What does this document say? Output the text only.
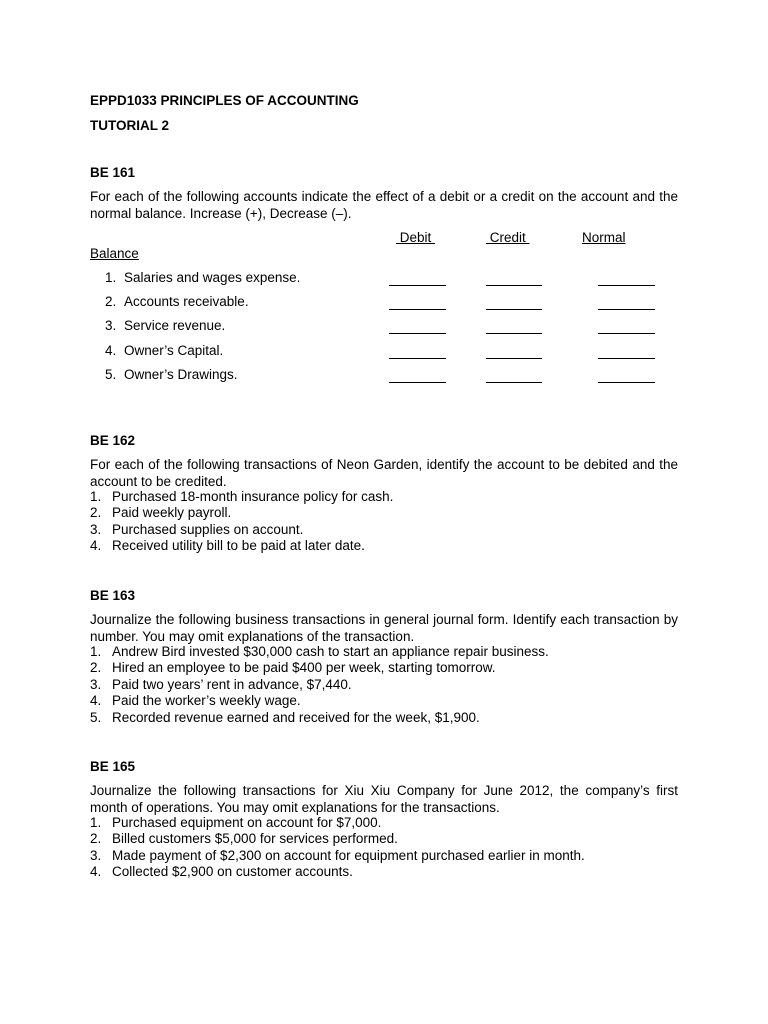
EPPD1033 PRINCIPLES OF ACCOUNTING
TUTORIAL 2
BE 161

For each of the following accounts indicate the effect of a debit or a credit on the account and the normal balance. Increase (+), Decrease (–).

Debit	Credit	Normal
Balance
1. Salaries and wages expense.
2. Accounts receivable.
3. Service revenue.
4. Owner’s Capital.
5. Owner’s Drawings.
BE 162

For each of the following transactions of Neon Garden, identify the account to be debited and the account to be credited.

1. Purchased 18-month insurance policy for cash.
2. Paid weekly payroll.
3. Purchased supplies on account.
4. Received utility bill to be paid at later date.
BE 163

Journalize the following business transactions in general journal form. Identify each transaction by number. You may omit explanations of the transaction.

1. Andrew Bird invested $30,000 cash to start an appliance repair business.
2. Hired an employee to be paid $400 per week, starting tomorrow.
3. Paid two years’ rent in advance, $7,440.
4. Paid the worker’s weekly wage.
5. Recorded revenue earned and received for the week, $1,900.
BE 165

Journalize the following transactions for Xiu Xiu Company for June 2012, the company’s first month of operations. You may omit explanations for the transactions.

1. Purchased equipment on account for $7,000.
2. Billed customers $5,000 for services performed.
3. Made payment of $2,300 on account for equipment purchased earlier in month.
4. Collected $2,900 on customer accounts.
